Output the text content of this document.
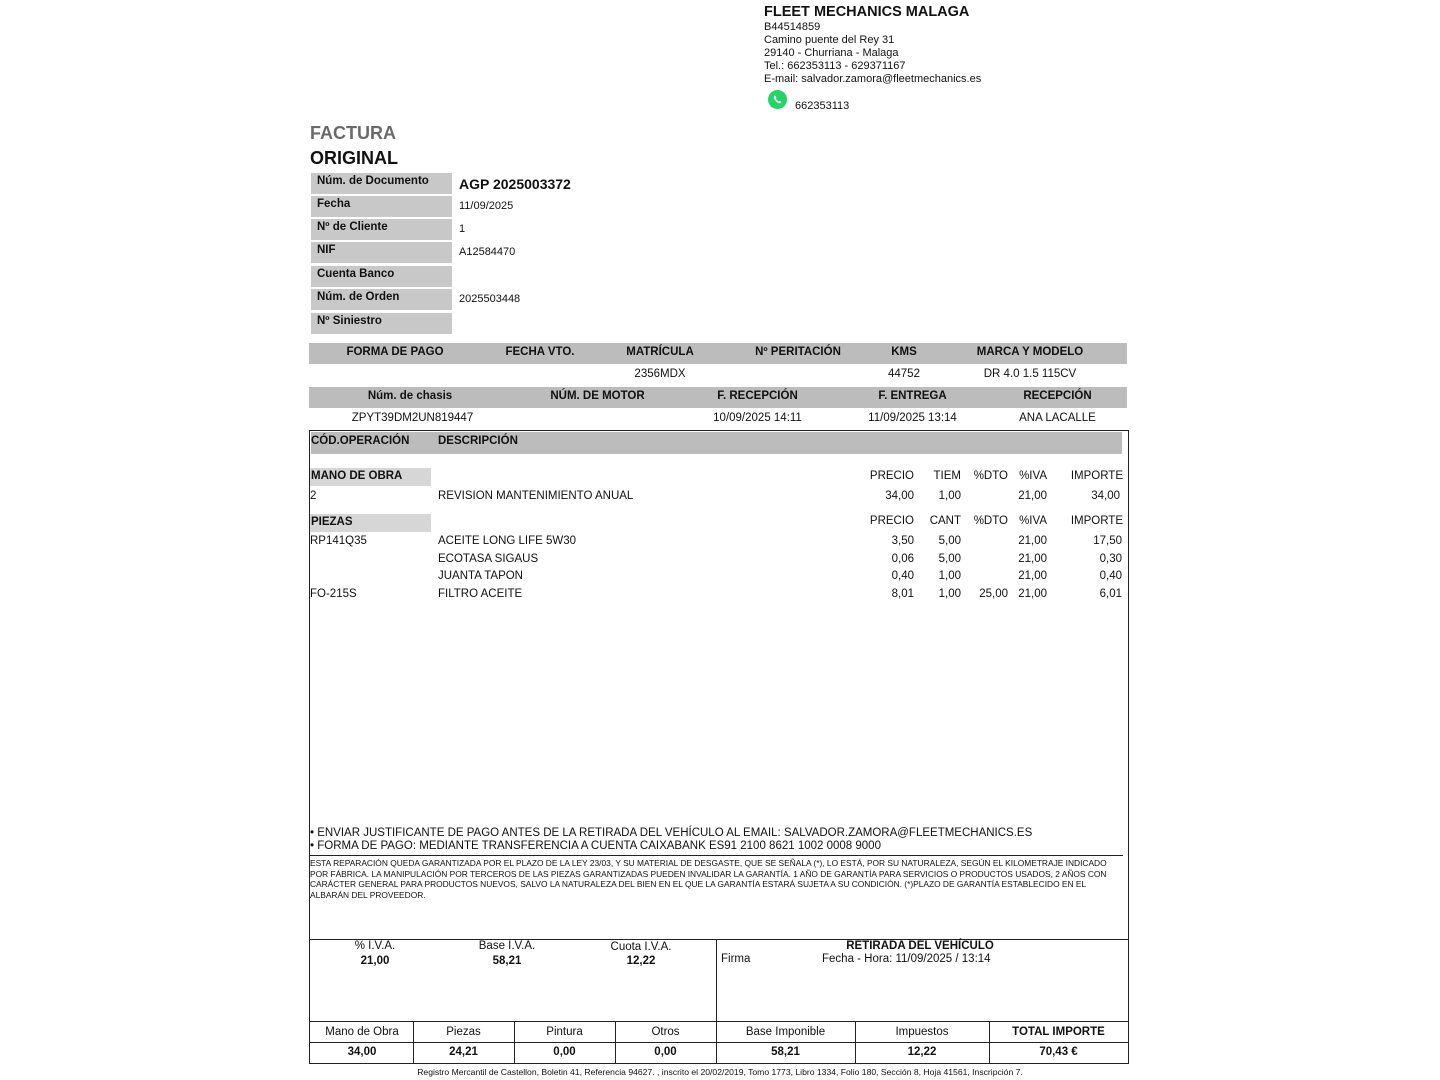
FLEET MECHANICS MALAGA
B44514859
Camino puente del Rey 31
29140 - Churriana - Malaga
Tel.: 662353113 - 629371167
E-mail: salvador.zamora@fleetmechanics.es
662353113
FACTURA
ORIGINAL
Núm. de Documento	AGP 2025003372
Fecha	11/09/2025
Nº de Cliente	1
NIF	A12584470
Cuenta Banco
Núm. de Orden	2025503448
Nº Siniestro
FORMA DE PAGO	FECHA VTO.	MATRÍCULA	Nº PERITACIÓN	KMS	MARCA Y MODELO
2356MDX	44752	DR 4.0 1.5 115CV
Núm. de chasis	NÚM. DE MOTOR	F. RECEPCIÓN	F. ENTREGA	RECEPCIÓN
ZPYT39DM2UN819447	10/09/2025 14:11	11/09/2025 13:14	ANA LACALLE
CÓD.OPERACIÓN DESCRIPCIÓN
MANO DE OBRA	PRECIO	TIEM	%DTO %IVA	IMPORTE
2	REVISION MANTENIMIENTO ANUAL	34,00	1,00	21,00	34,00
PIEZAS	PRECIO	CANT	%DTO %IVA	IMPORTE
RP141Q35	ACEITE LONG LIFE 5W30	3,50	5,00	21,00	17,50
ECOTASA SIGAUS	0,06	5,00	21,00	0,30
JUANTA TAPON	0,40	1,00	21,00	0,40
FO-215S	FILTRO ACEITE	8,01	1,00	25,00 21,00	6,01
• ENVIAR JUSTIFICANTE DE PAGO ANTES DE LA RETIRADA DEL VEHÍCULO AL EMAIL: SALVADOR.ZAMORA@FLEETMECHANICS.ES
• FORMA DE PAGO: MEDIANTE TRANSFERENCIA A CUENTA CAIXABANK ES91 2100 8621 1002 0008 9000
ESTA REPARACIÓN QUEDA GARANTIZADA POR EL PLAZO DE LA LEY 23/03, Y SU MATERIAL DE DESGASTE, QUE SE SEÑALA (*), LO ESTÁ, POR SU NATURALEZA, SEGÚN EL KILOMETRAJE INDICADO POR FÁBRICA. LA MANIPULACIÓN POR TERCEROS DE LAS PIEZAS GARANTIZADAS PUEDEN INVALIDAR LA GARANTÍA. 1 AÑO DE GARANTÍA PARA SERVICIOS O PRODUCTOS USADOS, 2 AÑOS CON CARÁCTER GENERAL PARA PRODUCTOS NUEVOS, SALVO LA NATURALEZA DEL BIEN EN EL QUE LA GARANTÍA ESTARÁ SUJETA A SU CONDICIÓN. (*)PLAZO DE GARANTÍA ESTABLECIDO EN EL ALBARÁN DEL PROVEEDOR.
% I.V.A.
21,00
Base I.V.A.
58,21
Cuota I.V.A.
12,22
RETIRADA DEL VEHÍCULO
Firma	Fecha - Hora: 11/09/2025 / 13:14
Mano de Obra	Piezas	Pintura	Otros	Base Imponible	Impuestos	TOTAL IMPORTE
34,00	24,21	0,00	0,00	58,21	12,22	70,43 €
Registro Mercantil de Castellon, Boletin 41, Referencia 94627. , inscrito el 20/02/2019, Tomo 1773, Libro 1334, Folio 180, Sección 8, Hoja 41561, Inscripción 7.
